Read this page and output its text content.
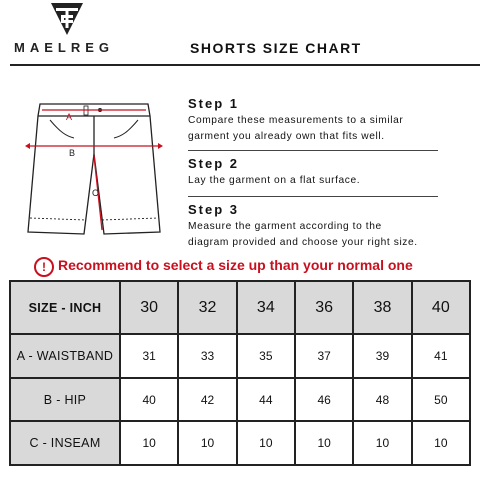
MAELREG	SHORTS SIZE CHART
A
B
C
Step 1

Compare these measurements to a similar
garment you already own that fits well.

Step 2

Lay the garment on a flat surface.

Step 3

Measure the garment according to the
diagram provided and choose your right size.

! Recommend to select a size up than your normal one
SIZE - INCH	30	32	34	36	38	40
A - WAISTBAND	31	33	35	37	39	41
B - HIP	40	42	44	46	48	50
C - INSEAM	10	10	10	10	10	10
